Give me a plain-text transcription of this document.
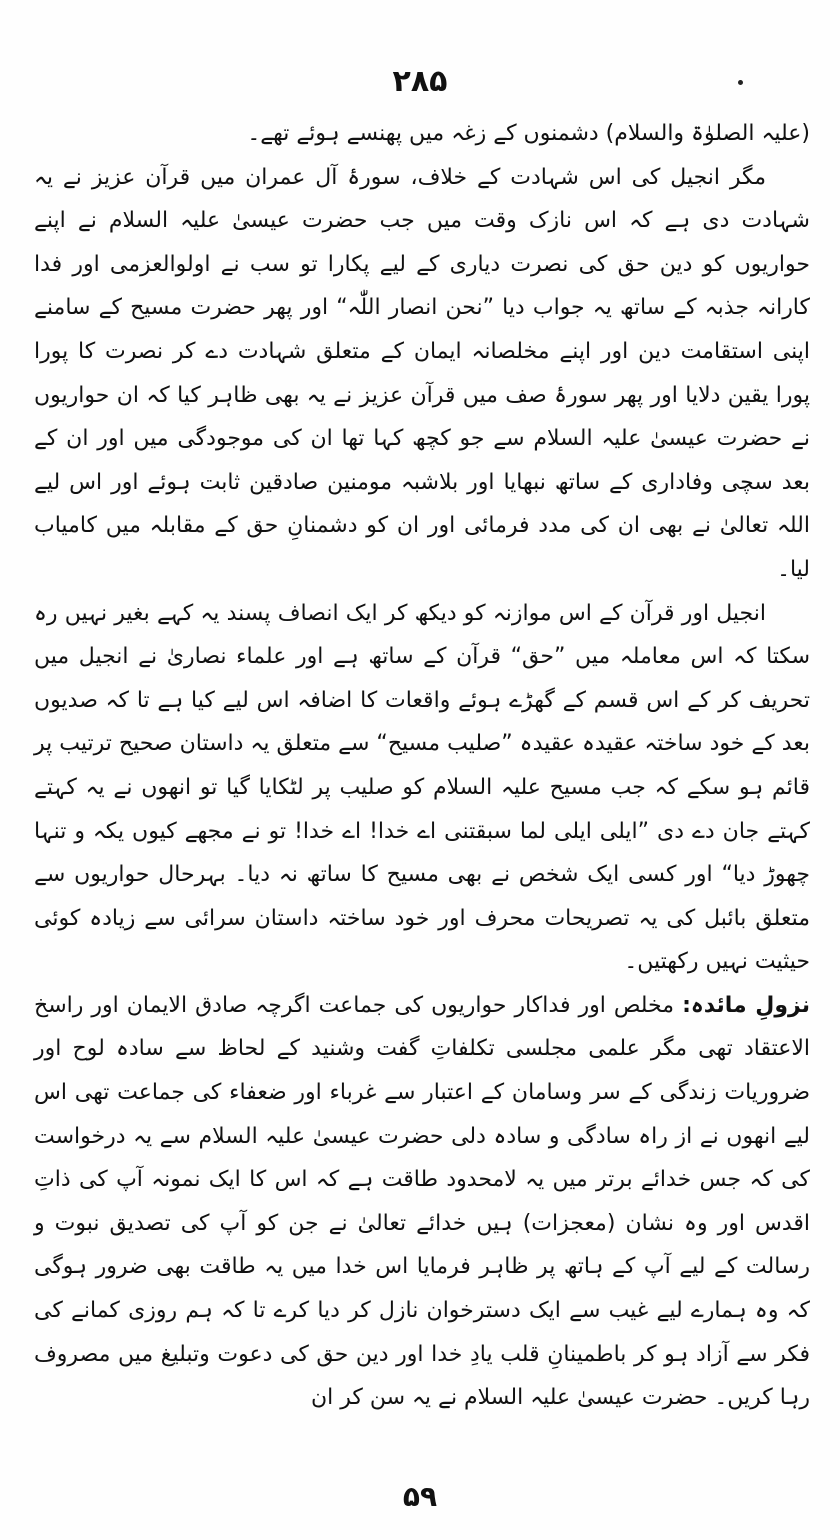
۲۸۵

(علیہ الصلوٰۃ والسلام) دشمنوں کے زغہ میں پھنسے ہوئے تھے۔

مگر انجیل کی اس شہادت کے خلاف، سورۂ آل عمران میں قرآن عزیز نے یہ شہادت دی ہے کہ اس نازک وقت میں جب حضرت عیسیٰ علیہ السلام نے اپنے حواریوں کو دین حق کی نصرت دیاری کے لیے پکارا تو سب نے اولوالعزمی اور فدا کارانہ جذبہ کے ساتھ یہ جواب دیا ”نحن انصار اللّٰہ“ اور پھر حضرت مسیح کے سامنے اپنی استقامت دین اور اپنے مخلصانہ ایمان کے متعلق شہادت دے کر نصرت کا پورا پورا یقین دلایا اور پھر سورۂ صف میں قرآن عزیز نے یہ بھی ظاہر کیا کہ ان حواریوں نے حضرت عیسیٰ علیہ السلام سے جو کچھ کہا تھا ان کی موجودگی میں اور ان کے بعد سچی وفاداری کے ساتھ نبھایا اور بلاشبہ مومنین صادقین ثابت ہوئے اور اس لیے اللہ تعالیٰ نے بھی ان کی مدد فرمائی اور ان کو دشمنانِ حق کے مقابلہ میں کامیاب لیا۔

انجیل اور قرآن کے اس موازنہ کو دیکھ کر ایک انصاف پسند یہ کہے بغیر نہیں رہ سکتا کہ اس معاملہ میں ”حق“ قرآن کے ساتھ ہے اور علماء نصاریٰ نے انجیل میں تحریف کر کے اس قسم کے گھڑے ہوئے واقعات کا اضافہ اس لیے کیا ہے تا کہ صدیوں بعد کے خود ساختہ عقیدہ عقیدہ ”صلیب مسیح“ سے متعلق یہ داستان صحیح ترتیب پر قائم ہو سکے کہ جب مسیح علیہ السلام کو صلیب پر لٹکایا گیا تو انھوں نے یہ کہتے کہتے جان دے دی ”ایلی ایلی لما سبقتنی اے خدا! اے خدا! تو نے مجھے کیوں یکہ و تنہا چھوڑ دیا“ اور کسی ایک شخص نے بھی مسیح کا ساتھ نہ دیا۔ بہرحال حواریوں سے متعلق بائبل کی یہ تصریحات محرف اور خود ساختہ داستان سرائی سے زیادہ کوئی حیثیت نہیں رکھتیں۔

نزولِ مائدہ: مخلص اور فداکار حواریوں کی جماعت اگرچہ صادق الایمان اور راسخ الاعتقاد تھی مگر علمی مجلسی تکلفاتِ گفت وشنید کے لحاظ سے سادہ لوح اور ضروریات زندگی کے سر وسامان کے اعتبار سے غرباء اور ضعفاء کی جماعت تھی اس لیے انھوں نے از راہ سادگی و سادہ دلی حضرت عیسیٰ علیہ السلام سے یہ درخواست کی کہ جس خدائے برتر میں یہ لامحدود طاقت ہے کہ اس کا ایک نمونہ آپ کی ذاتِ اقدس اور وہ نشان (معجزات) ہیں خدائے تعالیٰ نے جن کو آپ کی تصدیق نبوت و رسالت کے لیے آپ کے ہاتھ پر ظاہر فرمایا اس خدا میں یہ طاقت بھی ضرور ہوگی کہ وہ ہمارے لیے غیب سے ایک دسترخوان نازل کر دیا کرے تا کہ ہم روزی کمانے کی فکر سے آزاد ہو کر باطمینانِ قلب یادِ خدا اور دین حق کی دعوت وتبلیغ میں مصروف رہا کریں۔ حضرت عیسیٰ علیہ السلام نے یہ سن کر ان

۵۹
